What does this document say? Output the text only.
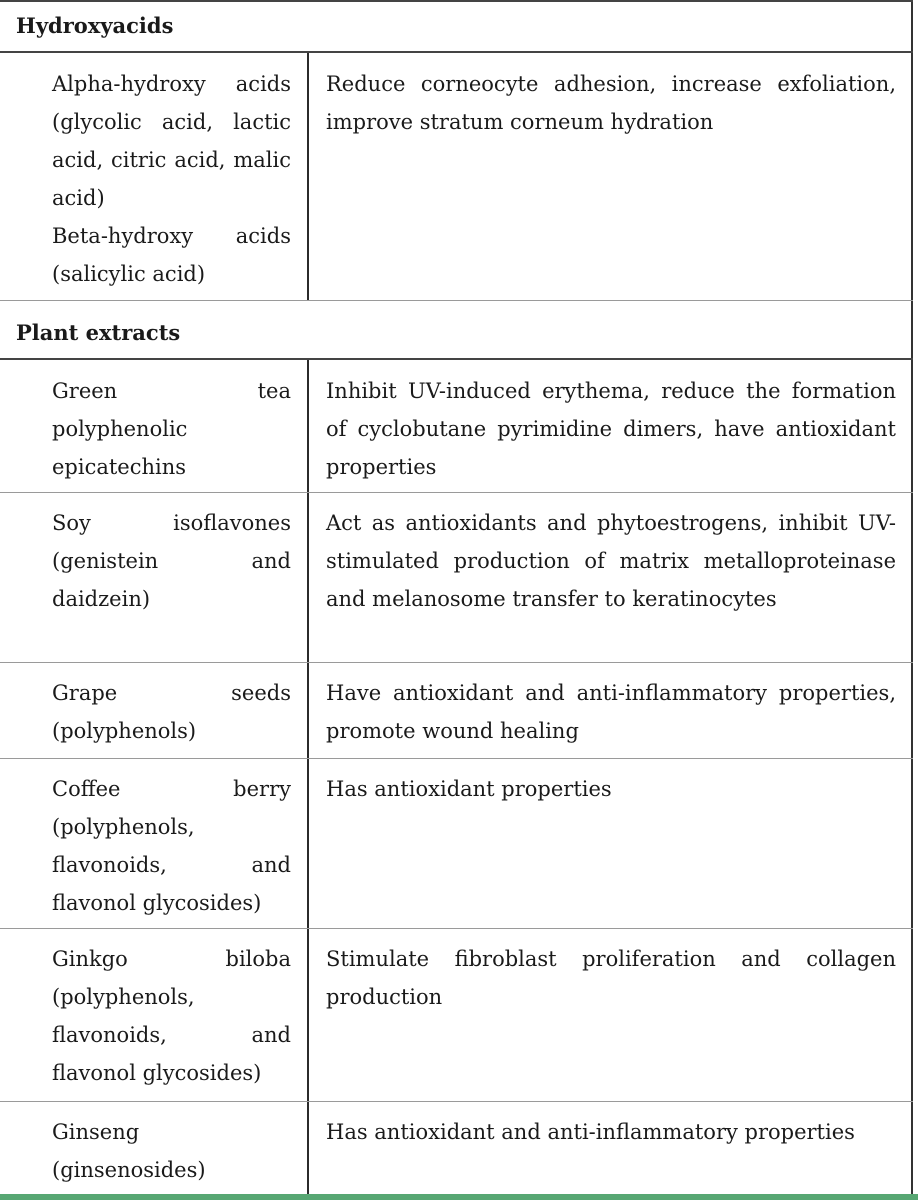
Hydroxyacids

Alpha-hydroxy acids (glycolic acid, lactic acid, citric acid, malic acid)

Beta-hydroxy acids (salicylic acid)

Reduce corneocyte adhesion, increase exfoliation, improve stratum corneum hydration

Plant extracts

Green tea polyphenolic epicatechins

Inhibit UV-induced erythema, reduce the formation of cyclobutane pyrimidine dimers, have antioxidant properties

Soy isoflavones (genistein and daidzein)

Act as antioxidants and phytoestrogens, inhibit UV-stimulated production of matrix metalloproteinase and melanosome transfer to keratinocytes

Grape seeds (polyphenols)

Have antioxidant and anti-inflammatory properties, promote wound healing

Coffee berry (polyphenols, flavonoids, and flavonol glycosides)

Has antioxidant properties

Ginkgo biloba (polyphenols, flavonoids, and flavonol glycosides)

Stimulate fibroblast proliferation and collagen production

Ginseng (ginsenosides)

Has antioxidant and anti-inflammatory properties
